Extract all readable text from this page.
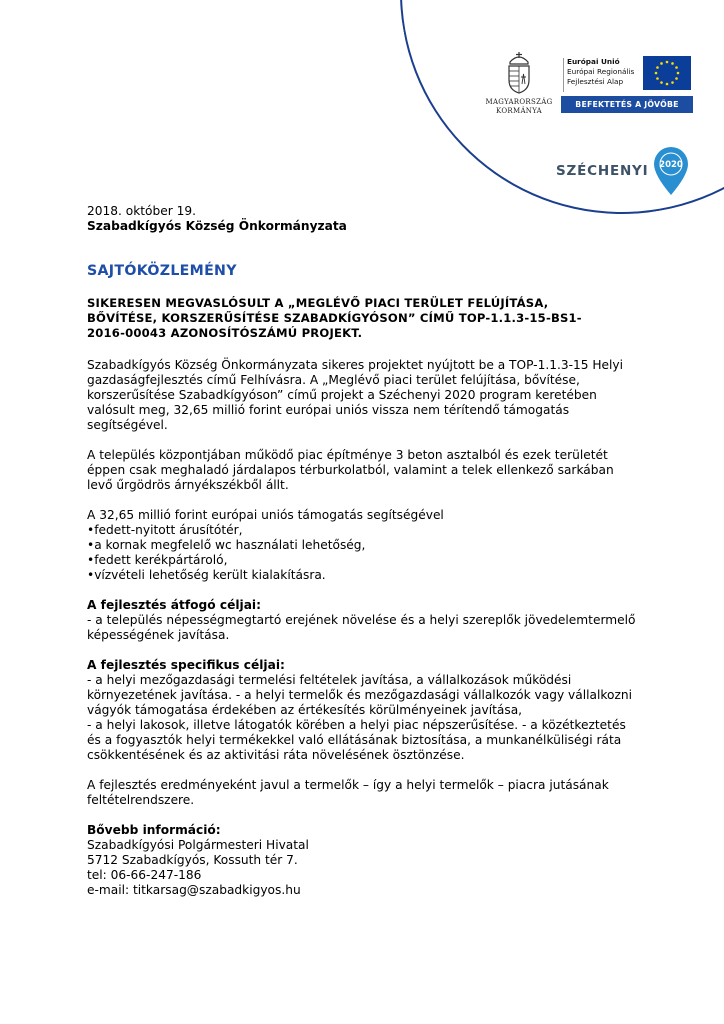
MAGYARORSZÁG
KORMÁNYA
Európai Unió
Európai Regionális
Fejlesztési Alap
BEFEKTETÉS A JÖVŐBE
SZÉCHENYI 2020
2018. október 19.
Szabadkígyós Község Önkormányzata
SAJTÓKÖZLEMÉNY
SIKERESEN MEGVASLÓSULT A „MEGLÉVŐ PIACI TERÜLET FELÚJÍTÁSA,
BŐVÍTÉSE, KORSZERŰSÍTÉSE SZABADKÍGYÓSON” CÍMŰ TOP-1.1.3-15-BS1-
2016-00043 AZONOSÍTÓSZÁMÚ PROJEKT.
Szabadkígyós Község Önkormányzata sikeres projektet nyújtott be a TOP-1.1.3-15 Helyi
gazdaságfejlesztés című Felhívásra. A „Meglévő piaci terület felújítása, bővítése,
korszerűsítése Szabadkígyóson” című projekt a Széchenyi 2020 program keretében
valósult meg, 32,65 millió forint európai uniós vissza nem térítendő támogatás
segítségével.
A település központjában működő piac építménye 3 beton asztalból és ezek területét
éppen csak meghaladó járdalapos térburkolatból, valamint a telek ellenkező sarkában
levő űrgödrös árnyékszékből állt.
A 32,65 millió forint európai uniós támogatás segítségével
•fedett-nyitott árusítótér,
•a kornak megfelelő wc használati lehetőség,
•fedett kerékpártároló,
•vízvételi lehetőség került kialakításra.
A fejlesztés átfogó céljai:
- a település népességmegtartó erejének növelése és a helyi szereplők jövedelemtermelő
képességének javítása.
A fejlesztés specifikus céljai:
- a helyi mezőgazdasági termelési feltételek javítása, a vállalkozások működési
környezetének javítása. - a helyi termelők és mezőgazdasági vállalkozók vagy vállalkozni
vágyók támogatása érdekében az értékesítés körülményeinek javítása,
- a helyi lakosok, illetve látogatók körében a helyi piac népszerűsítése. - a közétkeztetés
és a fogyasztók helyi termékekkel való ellátásának biztosítása, a munkanélküliségi ráta
csökkentésének és az aktivitási ráta növelésének ösztönzése.
A fejlesztés eredményeként javul a termelők – így a helyi termelők – piacra jutásának
feltételrendszere.
Bővebb információ:
Szabadkígyósi Polgármesteri Hivatal
5712 Szabadkígyós, Kossuth tér 7.
tel: 06-66-247-186
e-mail: titkarsag@szabadkigyos.hu
